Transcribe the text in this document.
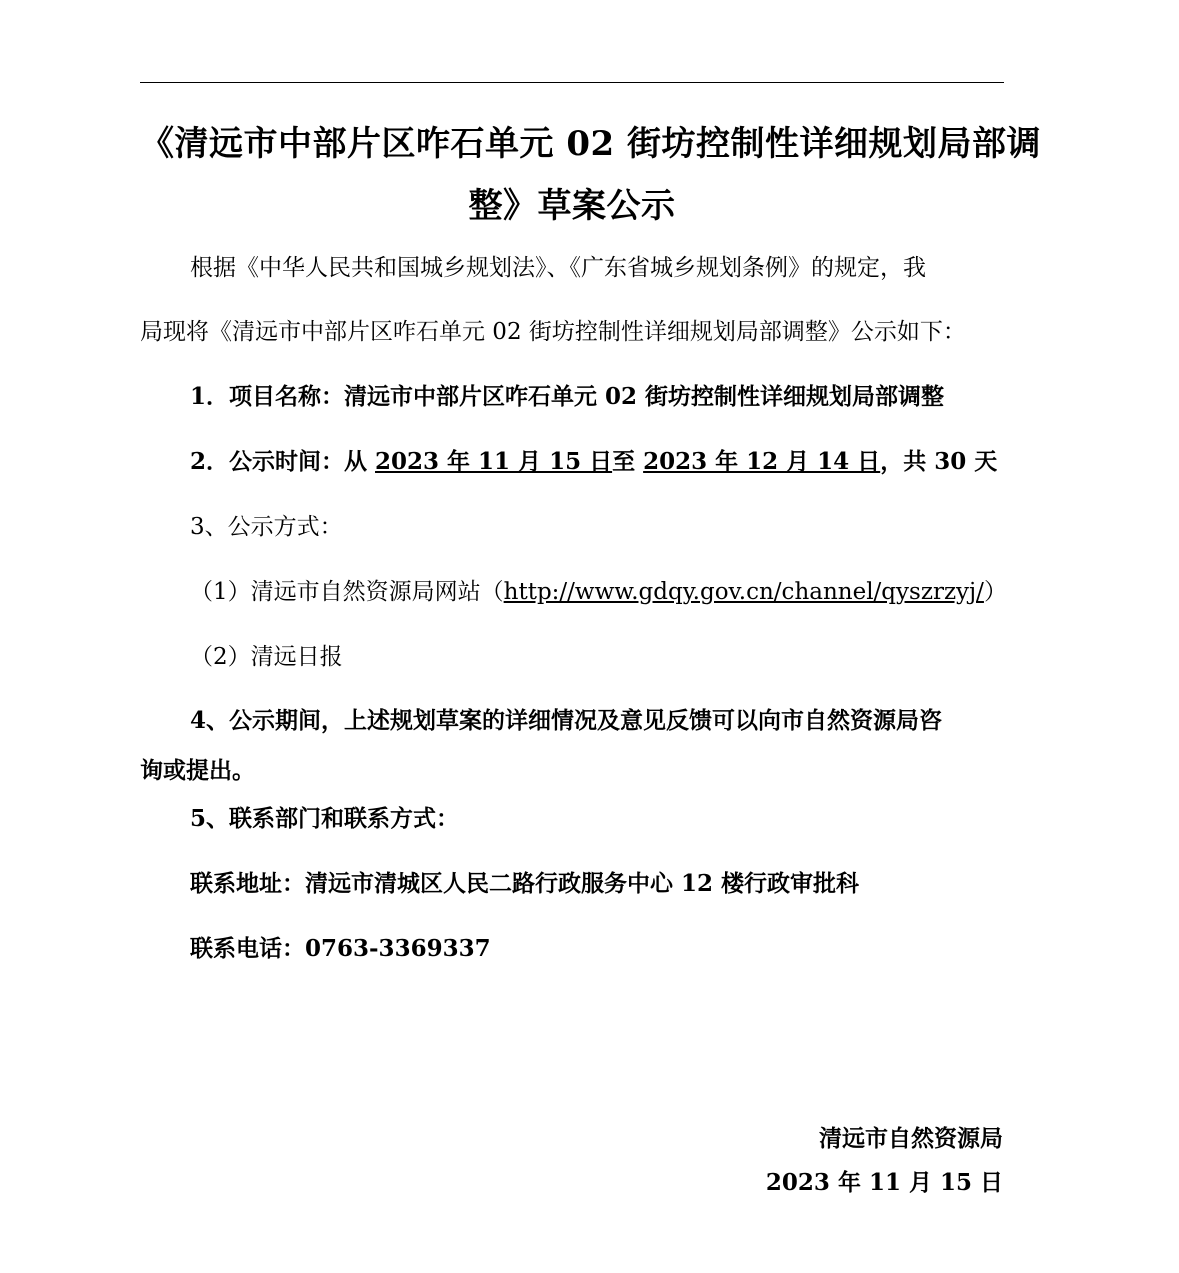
《清远市中部片区咋石单元 02 街坊控制性详细规划局部调
整》草案公示
根据《中华人民共和国城乡规划法》、《广东省城乡规划条例》的规定，我
局现将《清远市中部片区咋石单元 02 街坊控制性详细规划局部调整》公示如下：
1．项目名称：清远市中部片区咋石单元 02 街坊控制性详细规划局部调整
2．公示时间：从 2023 年 11 月 15 日至 2023 年 12 月 14 日，共 30 天
3、公示方式：
（1）清远市自然资源局网站（http://www.gdqy.gov.cn/channel/qyszrzyj/）
（2）清远日报
4、公示期间，上述规划草案的详细情况及意见反馈可以向市自然资源局咨
询或提出。
5、联系部门和联系方式：
联系地址：清远市清城区人民二路行政服务中心 12 楼行政审批科
联系电话：0763-3369337
清远市自然资源局
2023 年 11 月 15 日
